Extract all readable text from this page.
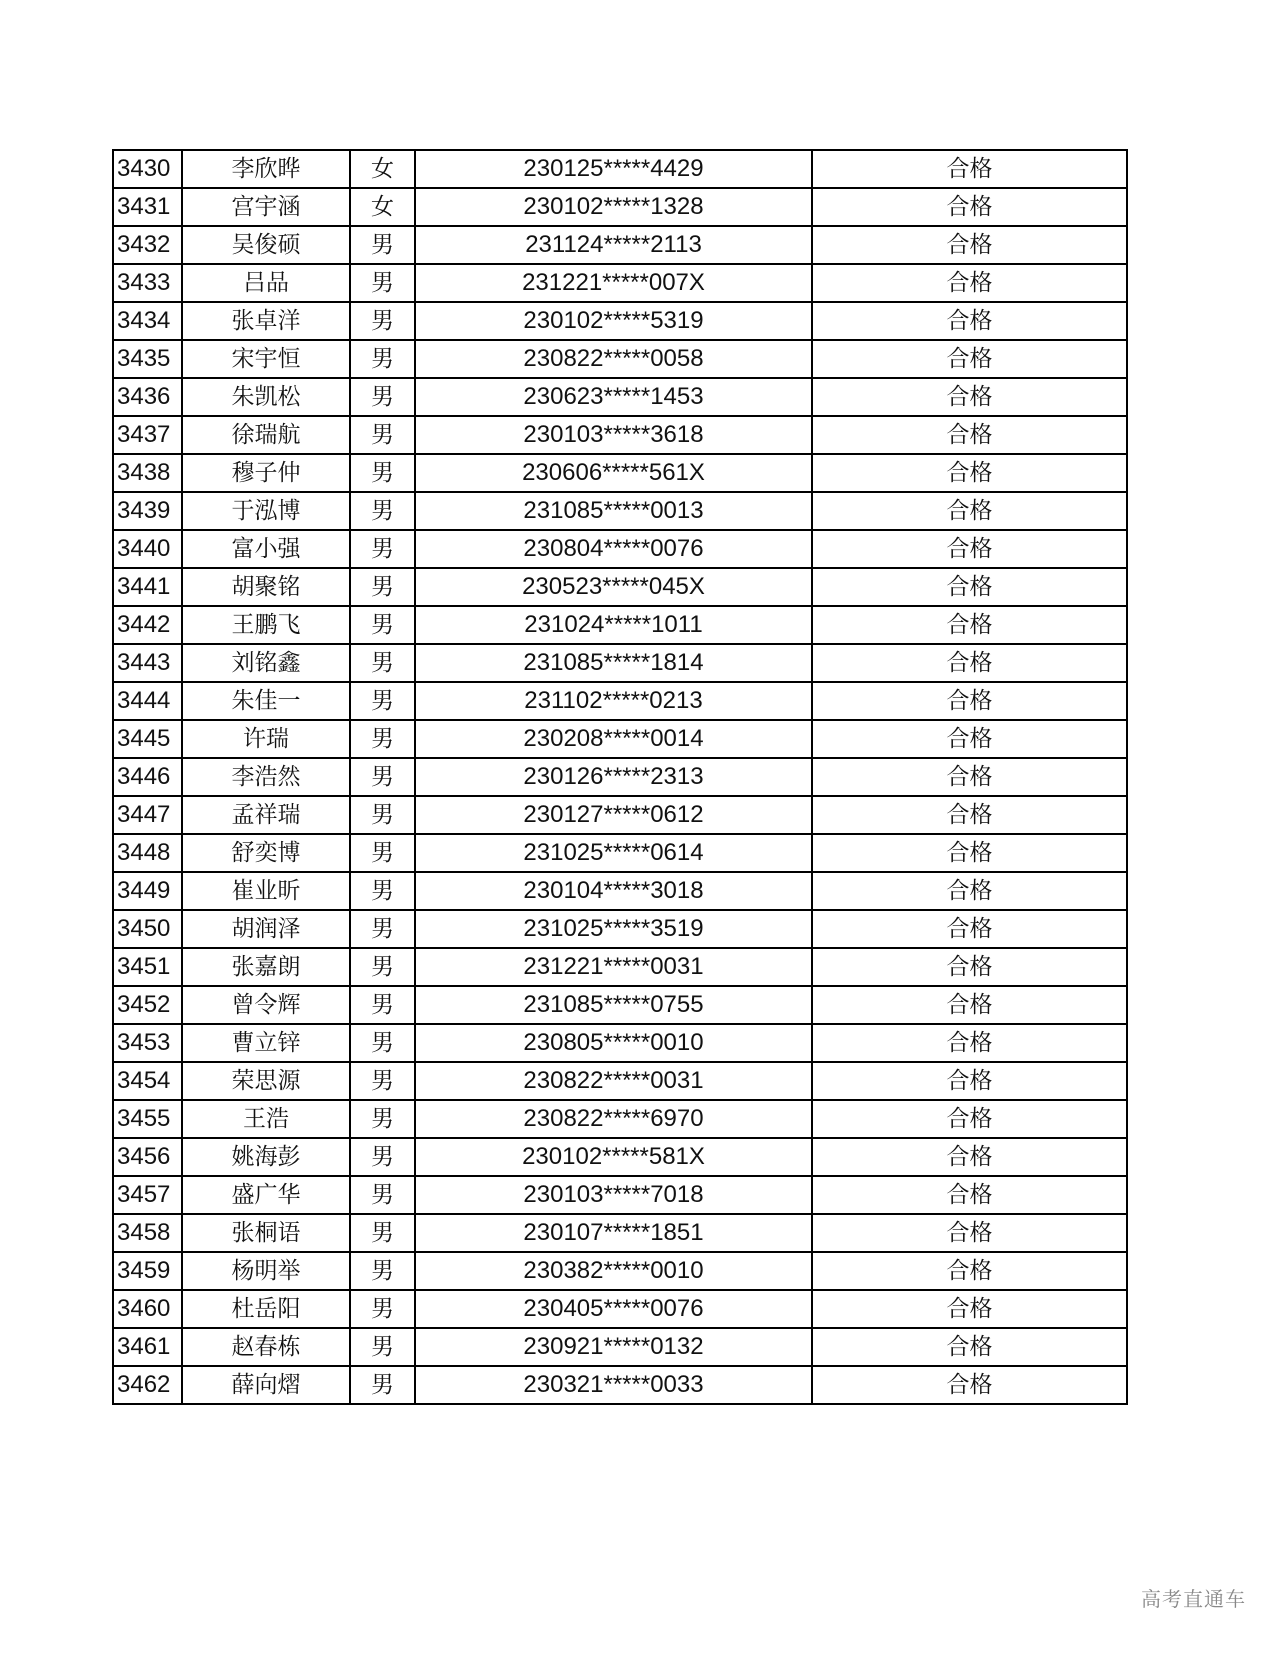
3430	李欣晔	女	230125*****4429	合格
3431	宫宇涵	女	230102*****1328	合格
3432	吴俊硕	男	231124*****2113	合格
3433	吕品	男	231221*****007X	合格
3434	张卓洋	男	230102*****5319	合格
3435	宋宇恒	男	230822*****0058	合格
3436	朱凯松	男	230623*****1453	合格
3437	徐瑞航	男	230103*****3618	合格
3438	穆子仲	男	230606*****561X	合格
3439	于泓博	男	231085*****0013	合格
3440	富小强	男	230804*****0076	合格
3441	胡聚铭	男	230523*****045X	合格
3442	王鹏飞	男	231024*****1011	合格
3443	刘铭鑫	男	231085*****1814	合格
3444	朱佳一	男	231102*****0213	合格
3445	许瑞	男	230208*****0014	合格
3446	李浩然	男	230126*****2313	合格
3447	孟祥瑞	男	230127*****0612	合格
3448	舒奕博	男	231025*****0614	合格
3449	崔业昕	男	230104*****3018	合格
3450	胡润泽	男	231025*****3519	合格
3451	张嘉朗	男	231221*****0031	合格
3452	曾令辉	男	231085*****0755	合格
3453	曹立锌	男	230805*****0010	合格
3454	荣思源	男	230822*****0031	合格
3455	王浩	男	230822*****6970	合格
3456	姚海彭	男	230102*****581X	合格
3457	盛广华	男	230103*****7018	合格
3458	张桐语	男	230107*****1851	合格
3459	杨明举	男	230382*****0010	合格
3460	杜岳阳	男	230405*****0076	合格
3461	赵春栋	男	230921*****0132	合格
3462	薛向熠	男	230321*****0033	合格
高考直通车
